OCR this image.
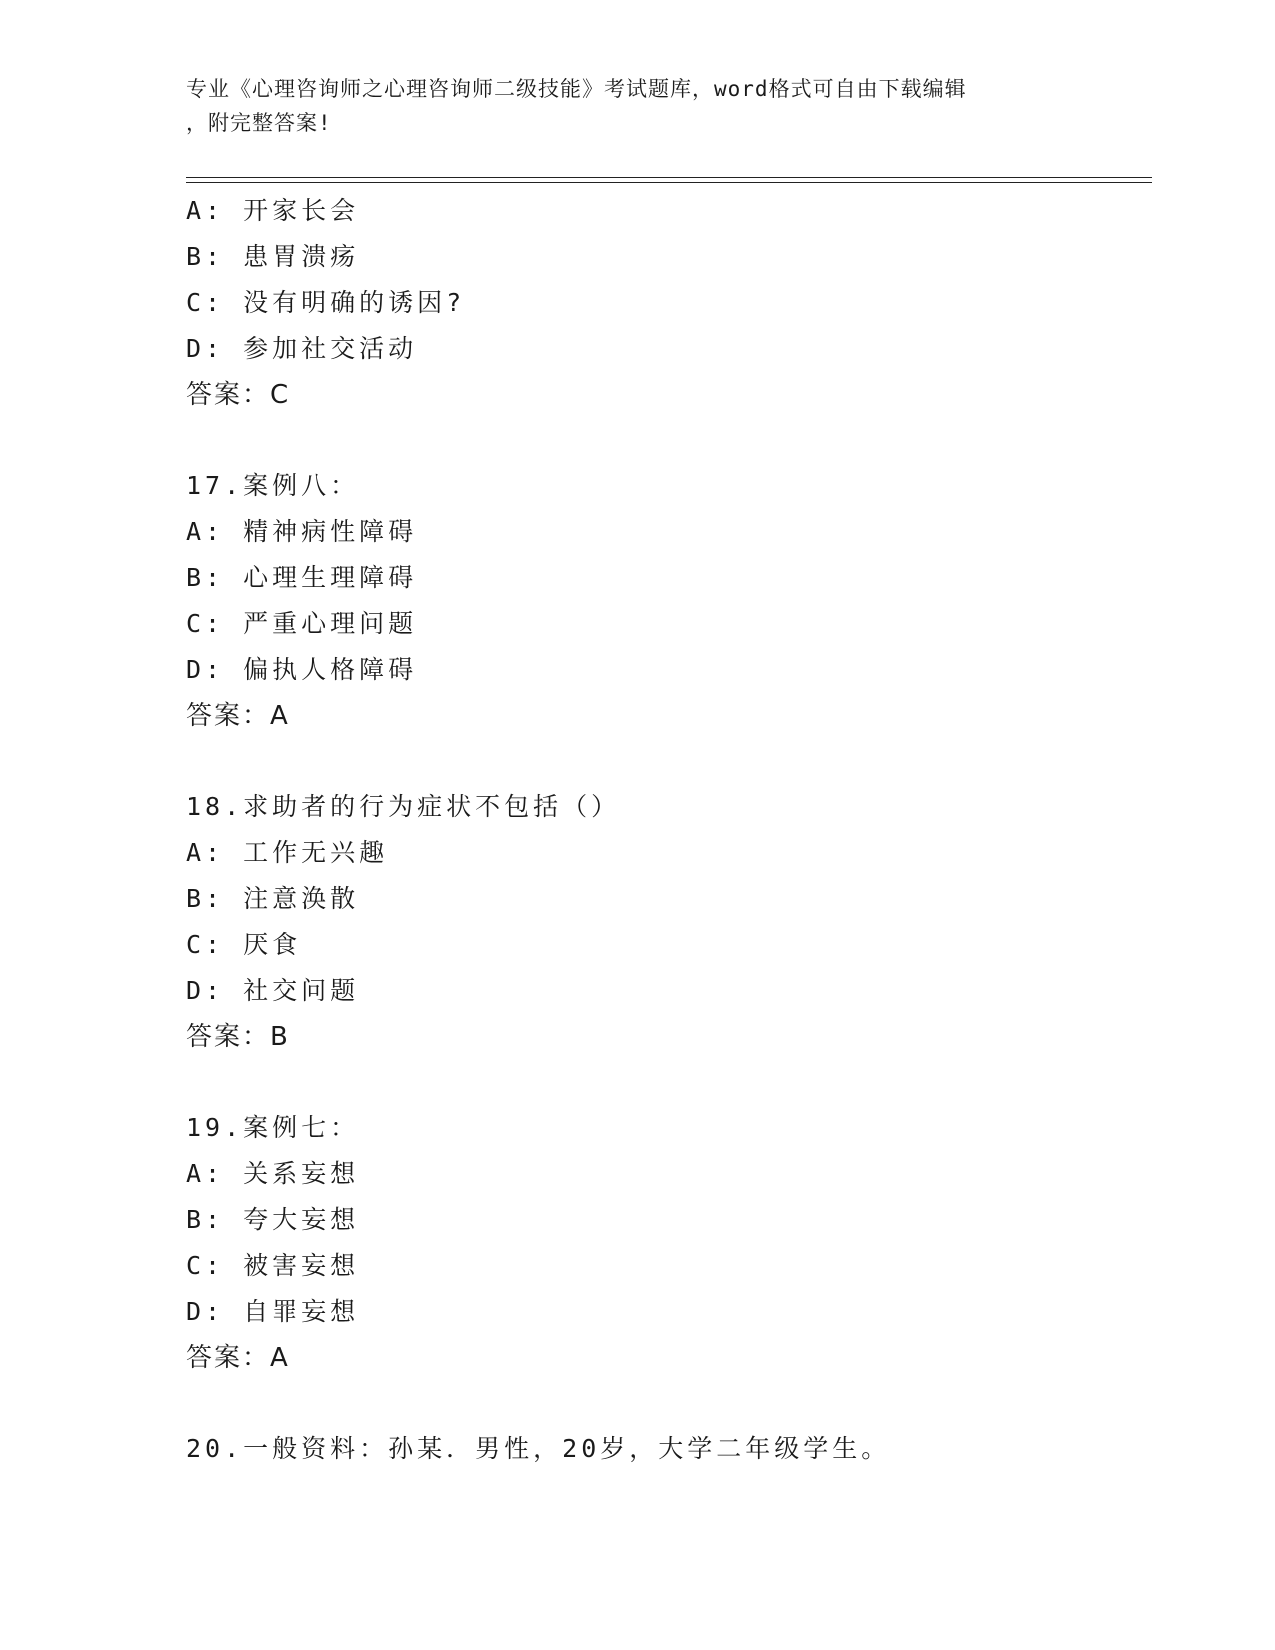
专业《心理咨询师之心理咨询师二级技能》考试题库，word格式可自由下载编辑
，附完整答案!
A: 开家长会
B: 患胃溃疡
C: 没有明确的诱因?
D: 参加社交活动
答案：C
17.案例八：
A: 精神病性障碍
B: 心理生理障碍
C: 严重心理问题
D: 偏执人格障碍
答案：A
18.求助者的行为症状不包括（）
A: 工作无兴趣
B: 注意涣散
C: 厌食
D: 社交问题
答案：B
19.案例七：
A: 关系妄想
B: 夸大妄想
C: 被害妄想
D: 自罪妄想
答案：A
20.一般资料：孙某．男性，20岁，大学二年级学生。
